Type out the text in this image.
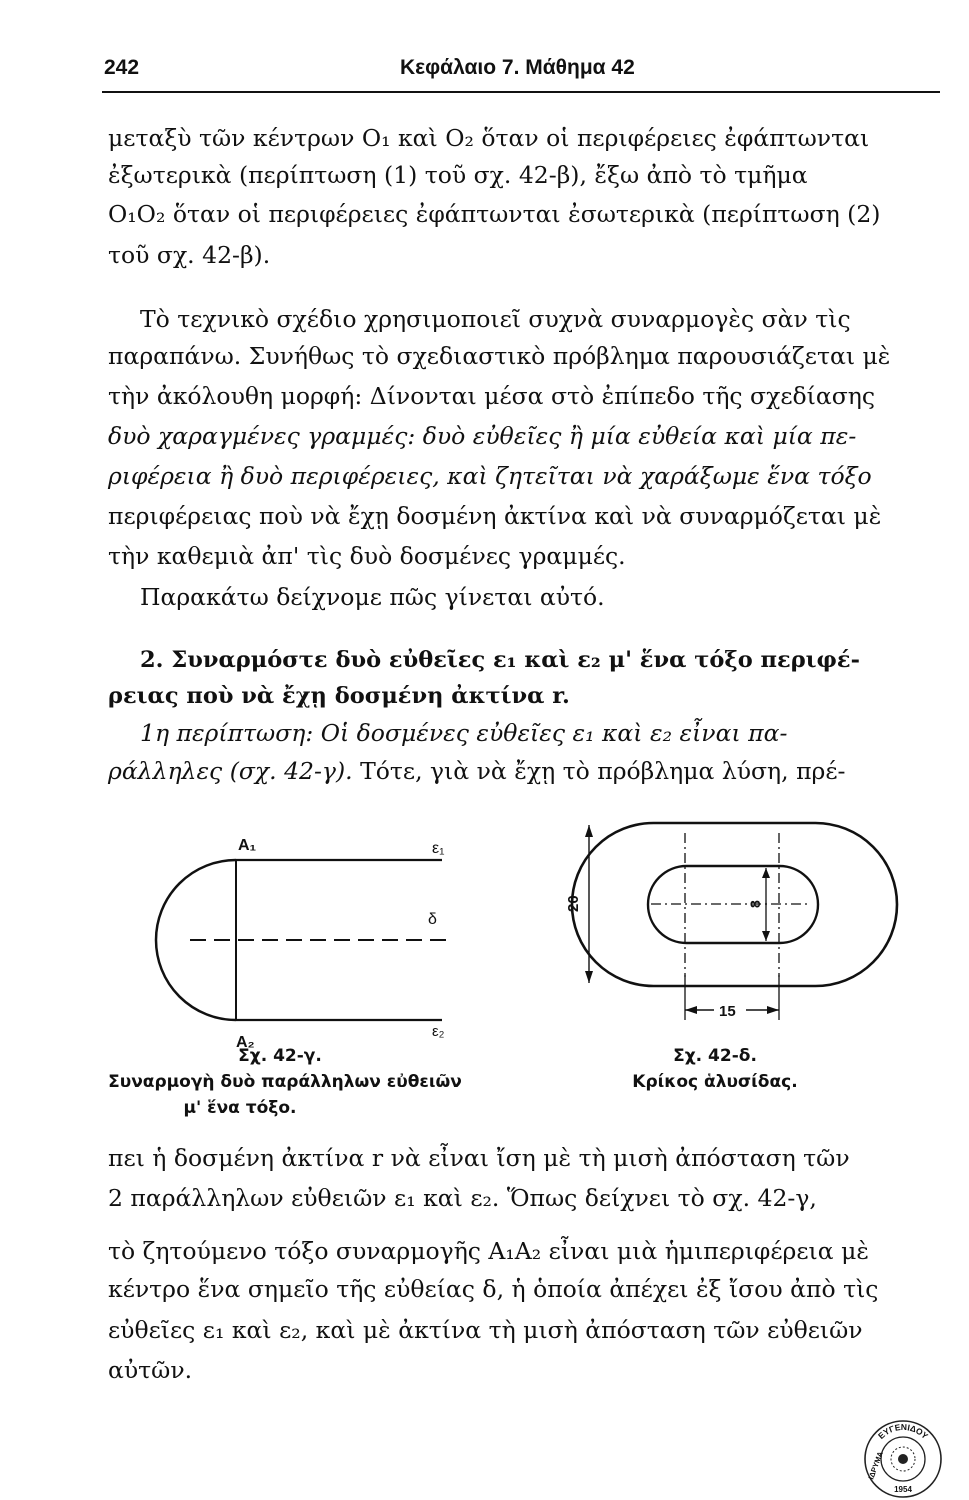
242	Κεφάλαιο 7. Μάθημα 42
μεταξὺ τῶν κέντρων Ο₁ καὶ Ο₂ ὅταν οἱ περιφέρειες ἐφάπτωνται
ἐξωτερικὰ (περίπτωση (1) τοῦ σχ. 42-β), ἔξω ἀπὸ τὸ τμῆμα
Ο₁Ο₂ ὅταν οἱ περιφέρειες ἐφάπτωνται ἐσωτερικὰ (περίπτωση (2)
τοῦ σχ. 42-β).
Τὸ τεχνικὸ σχέδιο χρησιμοποιεῖ συχνὰ συναρμογὲς σὰν τὶς
παραπάνω. Συνήθως τὸ σχεδιαστικὸ πρόβλημα παρουσιάζεται μὲ
τὴν ἀκόλουθη μορφή: Δίνονται μέσα στὸ ἐπίπεδο τῆς σχεδίασης
δυὸ χαραγμένες γραμμές: δυὸ εὐθεῖες ἢ μία εὐθεία καὶ μία πε-
ριφέρεια ἢ δυὸ περιφέρειες, καὶ ζητεῖται νὰ χαράξωμε ἕνα τόξο
περιφέρειας ποὺ νὰ ἔχῃ δοσμένη ἀκτίνα καὶ νὰ συναρμόζεται μὲ
τὴν καθεμιὰ ἀπ' τὶς δυὸ δοσμένες γραμμές.
Παρακάτω δείχνομε πῶς γίνεται αὐτό.
2. Συναρμόστε δυὸ εὐθεῖες ε₁ καὶ ε₂ μ' ἕνα τόξο περιφέ-
ρειας ποὺ νὰ ἔχῃ δοσμένη ἀκτίνα r.
1η περίπτωση: Οἱ δοσμένες εὐθεῖες ε₁ καὶ ε₂ εἶναι πα-
ράλληλες (σχ. 42-γ). Τότε, γιὰ νὰ ἔχῃ τὸ πρόβλημα λύση, πρέ-
A₁
A₂
ε₁
ε₂
δ
Σχ. 42-γ.
Συναρμογὴ δυὸ παράλληλων εὐθειῶν
μ' ἕνα τόξο.
15
20	8
Σχ. 42-δ.
Κρίκος ἁλυσίδας.
πει ἡ δοσμένη ἀκτίνα r νὰ εἶναι ἴση μὲ τὴ μισὴ ἀπόσταση τῶν
2 παράλληλων εὐθειῶν ε₁ καὶ ε₂. Ὅπως δείχνει τὸ σχ. 42-γ,
τὸ ζητούμενο τόξο συναρμογῆς Α₁Α₂ εἶναι μιὰ ἡμιπεριφέρεια μὲ
κέντρο ἕνα σημεῖο τῆς εὐθείας δ, ἡ ὁποία ἀπέχει ἐξ ἴσου ἀπὸ τὶς
εὐθεῖες ε₁ καὶ ε₂, καὶ μὲ ἀκτίνα τὴ μισὴ ἀπόσταση τῶν εὐθειῶν
αὐτῶν.
ΕΥΓΕΝΙΔΟΥ
ΙΔΡΥΜΑ
1954
